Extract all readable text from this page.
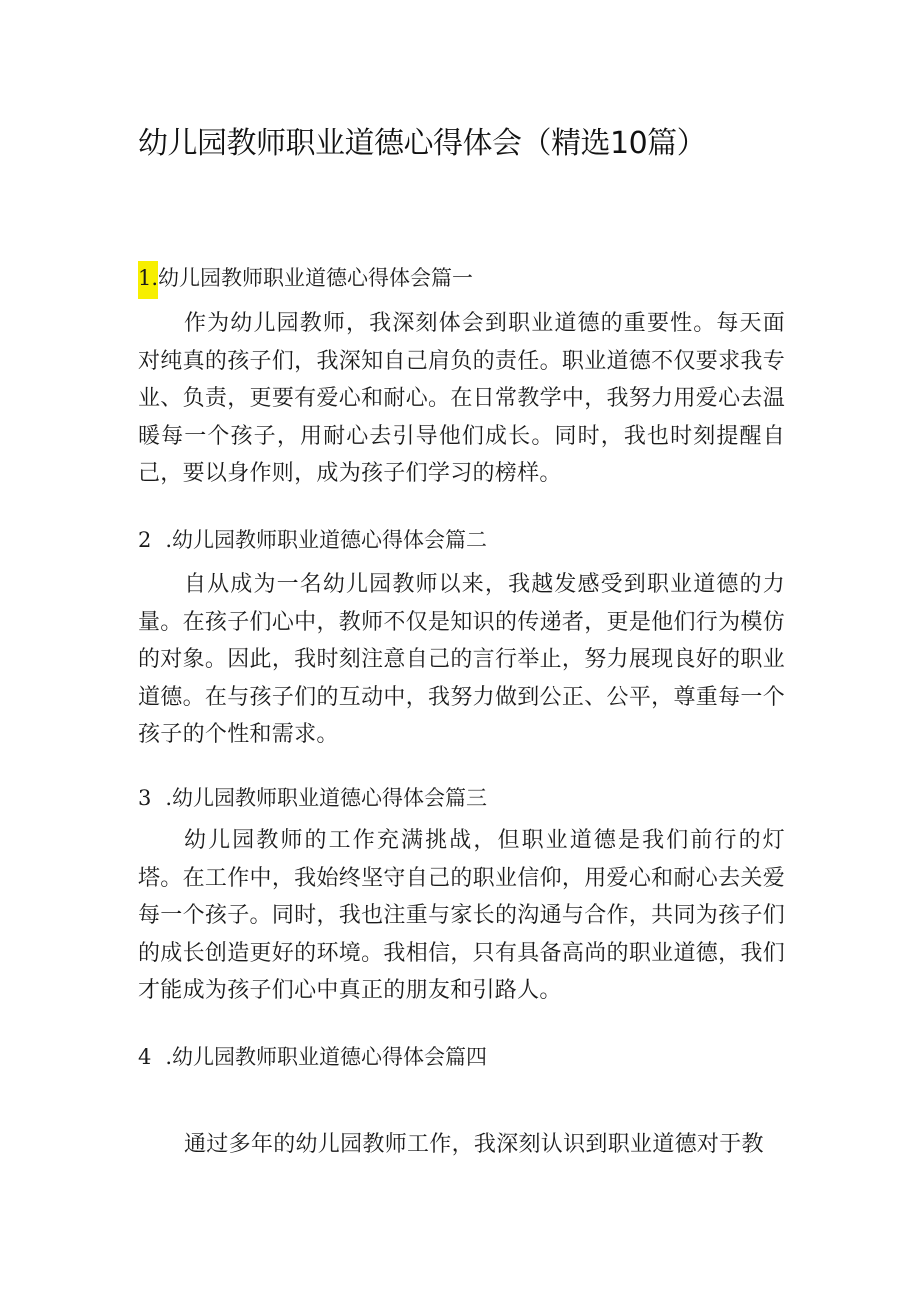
幼儿园教师职业道德心得体会（精选10篇）
1.幼儿园教师职业道德心得体会篇一

作为幼儿园教师，我深刻体会到职业道德的重要性。每天面对纯真的孩子们，我深知自己肩负的责任。职业道德不仅要求我专业、负责，更要有爱心和耐心。在日常教学中，我努力用爱心去温暖每一个孩子，用耐心去引导他们成长。同时，我也时刻提醒自己，要以身作则，成为孩子们学习的榜样。

2 .幼儿园教师职业道德心得体会篇二

自从成为一名幼儿园教师以来，我越发感受到职业道德的力量。在孩子们心中，教师不仅是知识的传递者，更是他们行为模仿的对象。因此，我时刻注意自己的言行举止，努力展现良好的职业道德。在与孩子们的互动中，我努力做到公正、公平，尊重每一个孩子的个性和需求。

3 .幼儿园教师职业道德心得体会篇三

幼儿园教师的工作充满挑战，但职业道德是我们前行的灯塔。在工作中，我始终坚守自己的职业信仰，用爱心和耐心去关爱每一个孩子。同时，我也注重与家长的沟通与合作，共同为孩子们的成长创造更好的环境。我相信，只有具备高尚的职业道德，我们才能成为孩子们心中真正的朋友和引路人。

4 .幼儿园教师职业道德心得体会篇四

通过多年的幼儿园教师工作，我深刻认识到职业道德对于教
